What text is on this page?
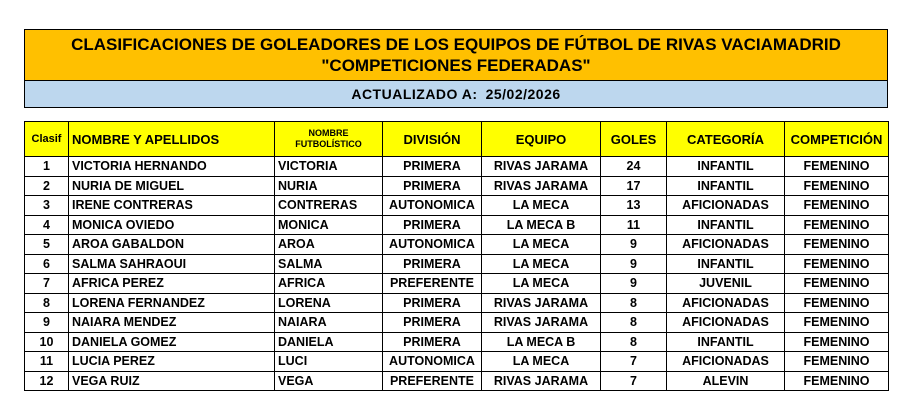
CLASIFICACIONES DE GOLEADORES DE LOS EQUIPOS DE FÚTBOL DE RIVAS VACIAMADRID
"COMPETICIONES FEDERADAS"
ACTUALIZADO A: 25/02/2026
Clasif	NOMBRE Y APELLIDOS	NOMBRE FUTBOLÍSTICO	DIVISIÓN	EQUIPO	GOLES	CATEGORÍA	COMPETICIÓN
1	VICTORIA HERNANDO	VICTORIA	PRIMERA	RIVAS JARAMA	24	INFANTIL	FEMENINO
2	NURIA DE MIGUEL	NURIA	PRIMERA	RIVAS JARAMA	17	INFANTIL	FEMENINO
3	IRENE CONTRERAS	CONTRERAS	AUTONOMICA	LA MECA	13	AFICIONADAS	FEMENINO
4	MONICA OVIEDO	MONICA	PRIMERA	LA MECA B	11	INFANTIL	FEMENINO
5	AROA GABALDON	AROA	AUTONOMICA	LA MECA	9	AFICIONADAS	FEMENINO
6	SALMA SAHRAOUI	SALMA	PRIMERA	LA MECA	9	INFANTIL	FEMENINO
7	AFRICA PEREZ	AFRICA	PREFERENTE	LA MECA	9	JUVENIL	FEMENINO
8	LORENA FERNANDEZ	LORENA	PRIMERA	RIVAS JARAMA	8	AFICIONADAS	FEMENINO
9	NAIARA MENDEZ	NAIARA	PRIMERA	RIVAS JARAMA	8	AFICIONADAS	FEMENINO
10	DANIELA GOMEZ	DANIELA	PRIMERA	LA MECA B	8	INFANTIL	FEMENINO
11	LUCIA PEREZ	LUCI	AUTONOMICA	LA MECA	7	AFICIONADAS	FEMENINO
12	VEGA RUIZ	VEGA	PREFERENTE	RIVAS JARAMA	7	ALEVIN	FEMENINO
